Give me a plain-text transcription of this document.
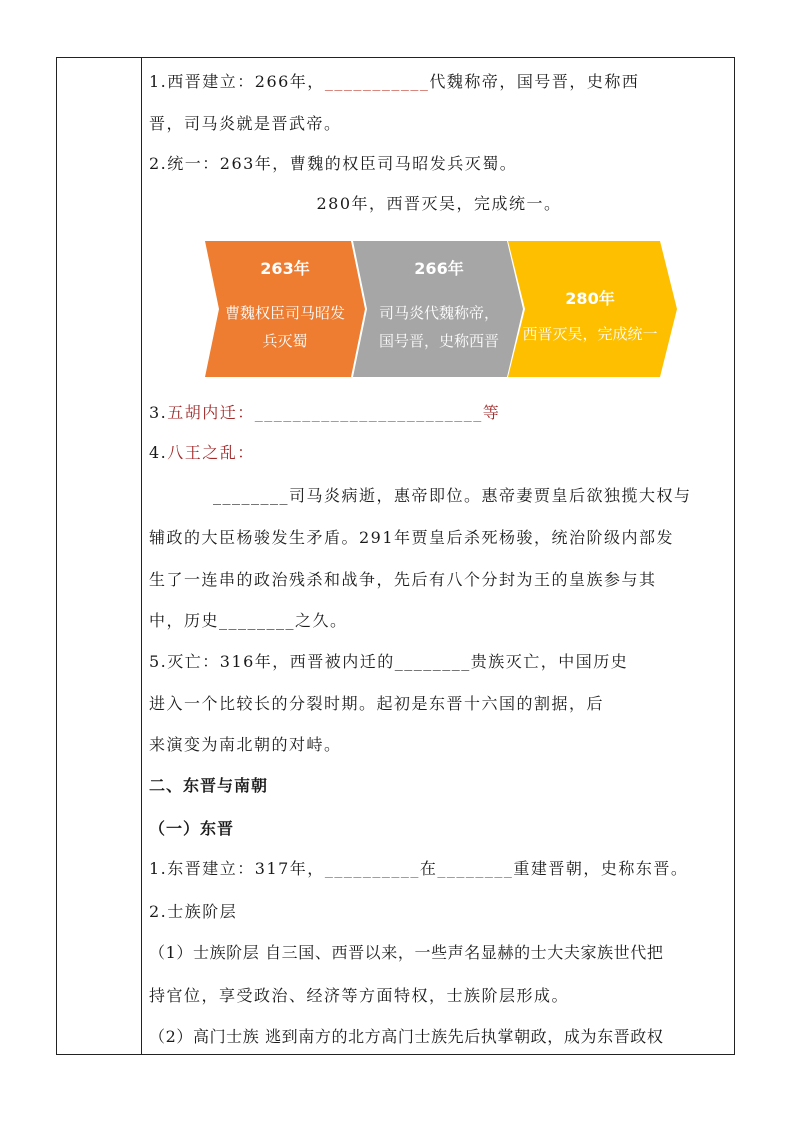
1.西晋建立：266年，___________代魏称帝，国号晋，史称西
晋，司马炎就是晋武帝。
2.统一：263年，曹魏的权臣司马昭发兵灭蜀。
280年，西晋灭吴，完成统一。
3.五胡内迁：________________________等
4.八王之乱：
________司马炎病逝，惠帝即位。惠帝妻贾皇后欲独揽大权与
辅政的大臣杨骏发生矛盾。291年贾皇后杀死杨骏，统治阶级内部发
生了一连串的政治残杀和战争，先后有八个分封为王的皇族参与其
中，历史________之久。
5.灭亡：316年，西晋被内迁的________贵族灭亡，中国历史
进入一个比较长的分裂时期。起初是东晋十六国的割据，后
来演变为南北朝的对峙。
二、东晋与南朝
（一）东晋
1.东晋建立：317年，__________在________重建晋朝，史称东晋。
2.士族阶层
（1）士族阶层 自三国、西晋以来，一些声名显赫的士大夫家族世代把
持官位，享受政治、经济等方面特权，士族阶层形成。
（2）高门士族 逃到南方的北方高门士族先后执掌朝政，成为东晋政权
263年
曹魏权臣司马昭发
兵灭蜀
266年
司马炎代魏称帝，
国号晋，史称西晋
280年
西晋灭吴，完成统一
